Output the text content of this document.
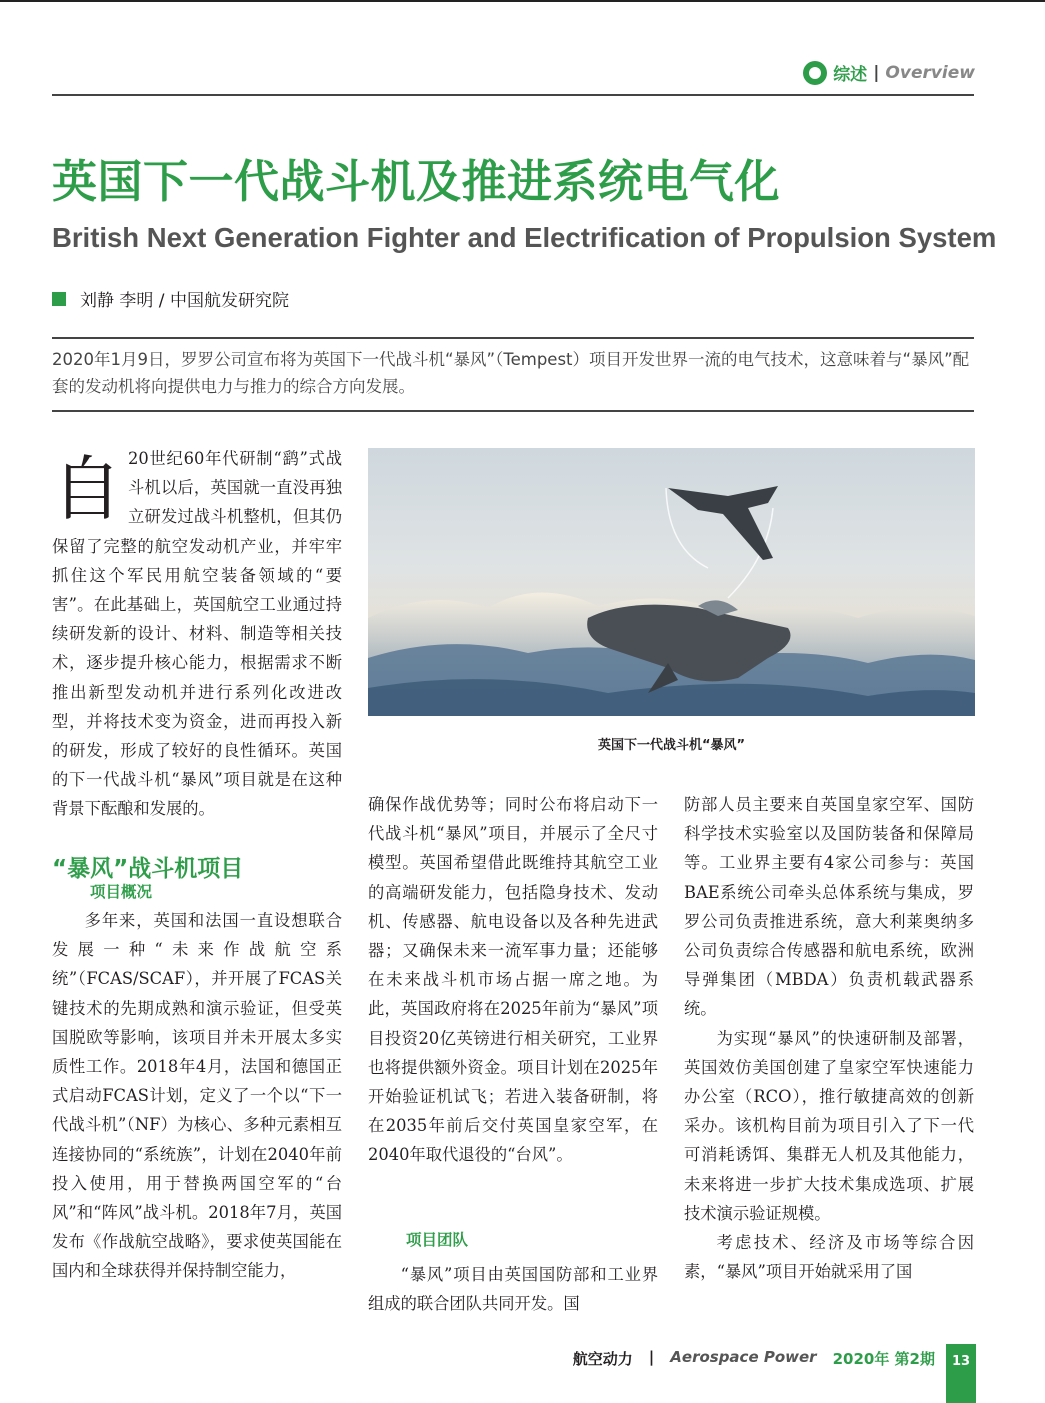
综述 | Overview
英国下一代战斗机及推进系统电气化
British Next Generation Fighter and Electrification of Propulsion System
刘静 李明 / 中国航发研究院
2020年1月9日，罗罗公司宣布将为英国下一代战斗机“暴风”（Tempest）项目开发世界一流的电气技术，这意味着与“暴风”配套的发动机将向提供电力与推力的综合方向发展。
自 20世纪60年代研制“鹞”式战斗机以后，英国就一直没再独立研发过战斗机整机，但其仍保留了完整的航空发动机产业，并牢牢抓住这个军民用航空装备领域的“要害”。在此基础上，英国航空工业通过持续研发新的设计、材料、制造等相关技术，逐步提升核心能力，根据需求不断推出新型发动机并进行系列化改进改型，并将技术变为资金，进而再投入新的研发，形成了较好的良性循环。英国的下一代战斗机“暴风”项目就是在这种背景下酝酿和发展的。
“暴风”战斗机项目
项目概况
多年来，英国和法国一直设想联合发展一种“未来作战航空系统”（FCAS/SCAF），并开展了FCAS关键技术的先期成熟和演示验证，但受英国脱欧等影响，该项目并未开展太多实质性工作。2018年4月，法国和德国正式启动FCAS计划，定义了一个以“下一代战斗机”（NF）为核心、多种元素相互连接协同的“系统族”，计划在2040年前投入使用，用于替换两国空军的“台风”和“阵风”战斗机。2018年7月，英国发布《作战航空战略》，要求使英国能在国内和全球获得并保持制空能力，
英国下一代战斗机“暴风”
确保作战优势等；同时公布将启动下一代战斗机“暴风”项目，并展示了全尺寸模型。英国希望借此既维持其航空工业的高端研发能力，包括隐身技术、发动机、传感器、航电设备以及各种先进武器；又确保未来一流军事力量；还能够在未来战斗机市场占据一席之地。为此，英国政府将在2025年前为“暴风”项目投资20亿英镑进行相关研究，工业界也将提供额外资金。项目计划在2025年开始验证机试飞；若进入装备研制，将在2035年前后交付英国皇家空军，在2040年取代退役的“台风”。
项目团队
“暴风”项目由英国国防部和工业界组成的联合团队共同开发。国
防部人员主要来自英国皇家空军、国防科学技术实验室以及国防装备和保障局等。工业界主要有4家公司参与：英国BAE系统公司牵头总体系统与集成，罗罗公司负责推进系统，意大利莱奥纳多公司负责综合传感器和航电系统，欧洲导弹集团（MBDA）负责机载武器系统。
为实现“暴风”的快速研制及部署，英国效仿美国创建了皇家空军快速能力办公室（RCO），推行敏捷高效的创新采办。该机构目前为项目引入了下一代可消耗诱饵、集群无人机及其他能力，未来将进一步扩大技术集成选项、扩展技术演示验证规模。
考虑技术、经济及市场等综合因素，“暴风”项目开始就采用了国
航空动力 | Aerospace Power 2020年 第2期	13
